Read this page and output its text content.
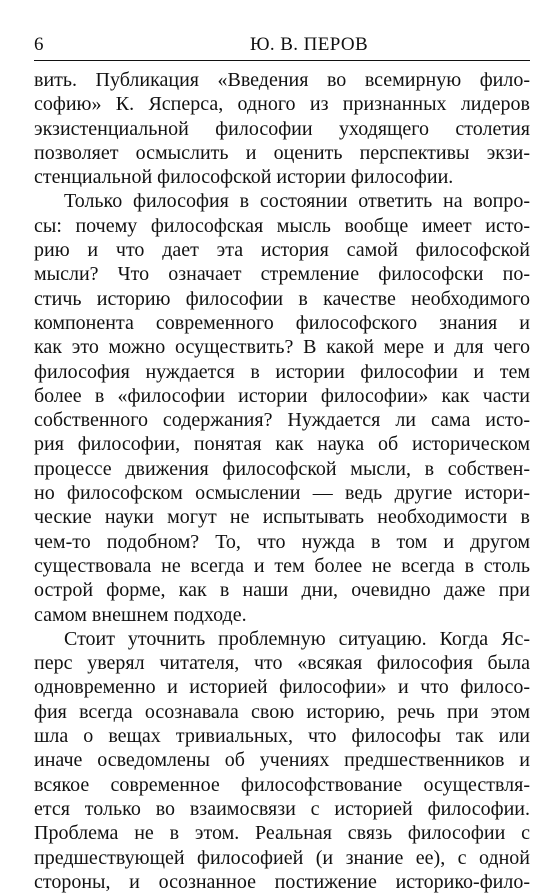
6	Ю. В. ПЕРОВ
вить. Публикация «Введения во всемирную фило-
софию» К. Ясперса, одного из признанных лидеров
экзистенциальной философии уходящего столетия
позволяет осмыслить и оценить перспективы экзи-
стенциальной философской истории философии.
Только философия в состоянии ответить на вопро-
сы: почему философская мысль вообще имеет исто-
рию и что дает эта история самой философской
мысли? Что означает стремление философски по-
стичь историю философии в качестве необходимого
компонента современного философского знания и
как это можно осуществить? В какой мере и для чего
философия нуждается в истории философии и тем
более в «философии истории философии» как части
собственного содержания? Нуждается ли сама исто-
рия философии, понятая как наука об историческом
процессе движения философской мысли, в собствен-
но философском осмыслении — ведь другие истори-
ческие науки могут не испытывать необходимости в
чем-то подобном? То, что нужда в том и другом
существовала не всегда и тем более не всегда в столь
острой форме, как в наши дни, очевидно даже при
самом внешнем подходе.
Стоит уточнить проблемную ситуацию. Когда Яс-
перс уверял читателя, что «всякая философия была
одновременно и историей философии» и что филосо-
фия всегда осознавала свою историю, речь при этом
шла о вещах тривиальных, что философы так или
иначе осведомлены об учениях предшественников и
всякое современное философствование осуществля-
ется только во взаимосвязи с историей философии.
Проблема не в этом. Реальная связь философии с
предшествующей философией (и знание ее), с одной
стороны, и осознанное постижение историко-фило-
